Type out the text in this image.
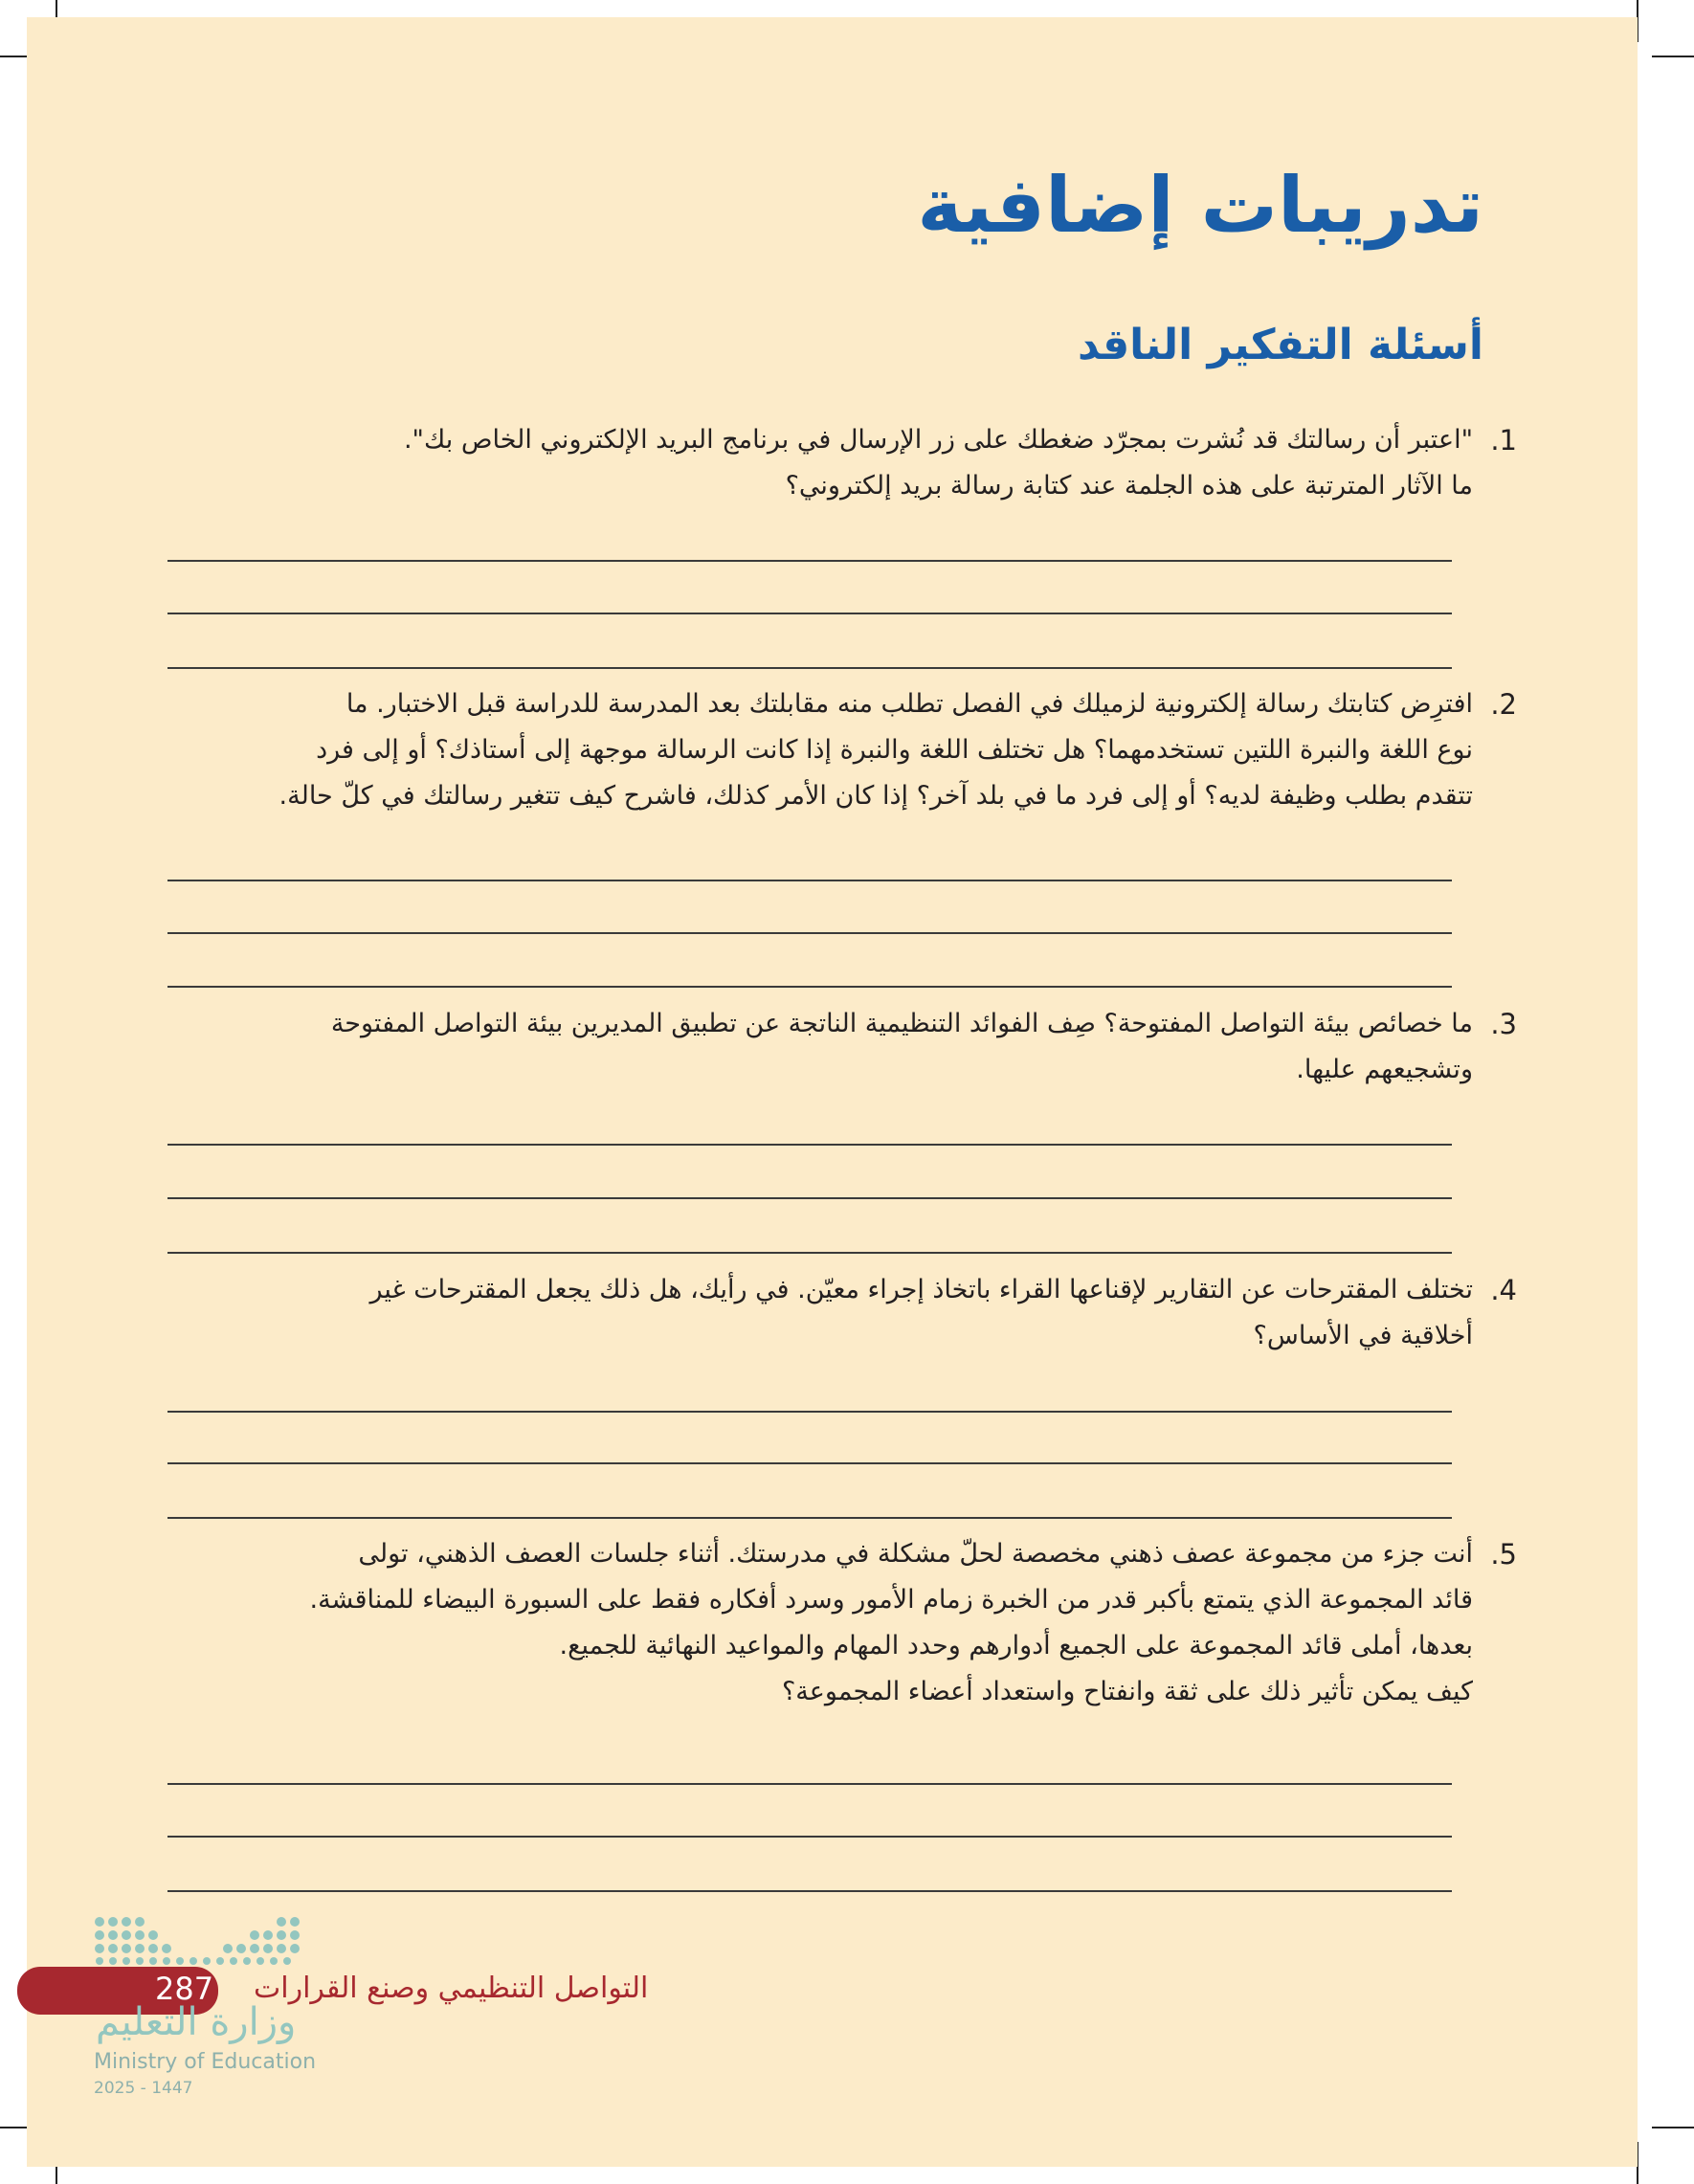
تدريبات إضافية
أسئلة التفكير الناقد
1.
"اعتبر أن رسالتك قد نُشرت بمجرّد ضغطك على زر الإرسال في برنامج البريد الإلكتروني الخاص بك".
ما الآثار المترتبة على هذه الجلمة عند كتابة رسالة بريد إلكتروني؟
2.
افترِض كتابتك رسالة إلكترونية لزميلك في الفصل تطلب منه مقابلتك بعد المدرسة للدراسة قبل الاختبار. ما
نوع اللغة والنبرة اللتين تستخدمهما؟ هل تختلف اللغة والنبرة إذا كانت الرسالة موجهة إلى أستاذك؟ أو إلى فرد
تتقدم بطلب وظيفة لديه؟ أو إلى فرد ما في بلد آخر؟ إذا كان الأمر كذلك، فاشرح كيف تتغير رسالتك في كلّ حالة.
3.
ما خصائص بيئة التواصل المفتوحة؟ صِف الفوائد التنظيمية الناتجة عن تطبيق المديرين بيئة التواصل المفتوحة
وتشجيعهم عليها.
4.
تختلف المقترحات عن التقارير لإقناعها القراء باتخاذ إجراء معيّن. في رأيك، هل ذلك يجعل المقترحات غير
أخلاقية في الأساس؟
5.
أنت جزء من مجموعة عصف ذهني مخصصة لحلّ مشكلة في مدرستك. أثناء جلسات العصف الذهني، تولى
قائد المجموعة الذي يتمتع بأكبر قدر من الخبرة زمام الأمور وسرد أفكاره فقط على السبورة البيضاء للمناقشة.
بعدها، أملى قائد المجموعة على الجميع أدوارهم وحدد المهام والمواعيد النهائية للجميع.
كيف يمكن تأثير ذلك على ثقة وانفتاح واستعداد أعضاء المجموعة؟

287 التواصل التنظيمي وصنع القرارات

وزارة التعليم

Ministry of Education

2025 - 1447
